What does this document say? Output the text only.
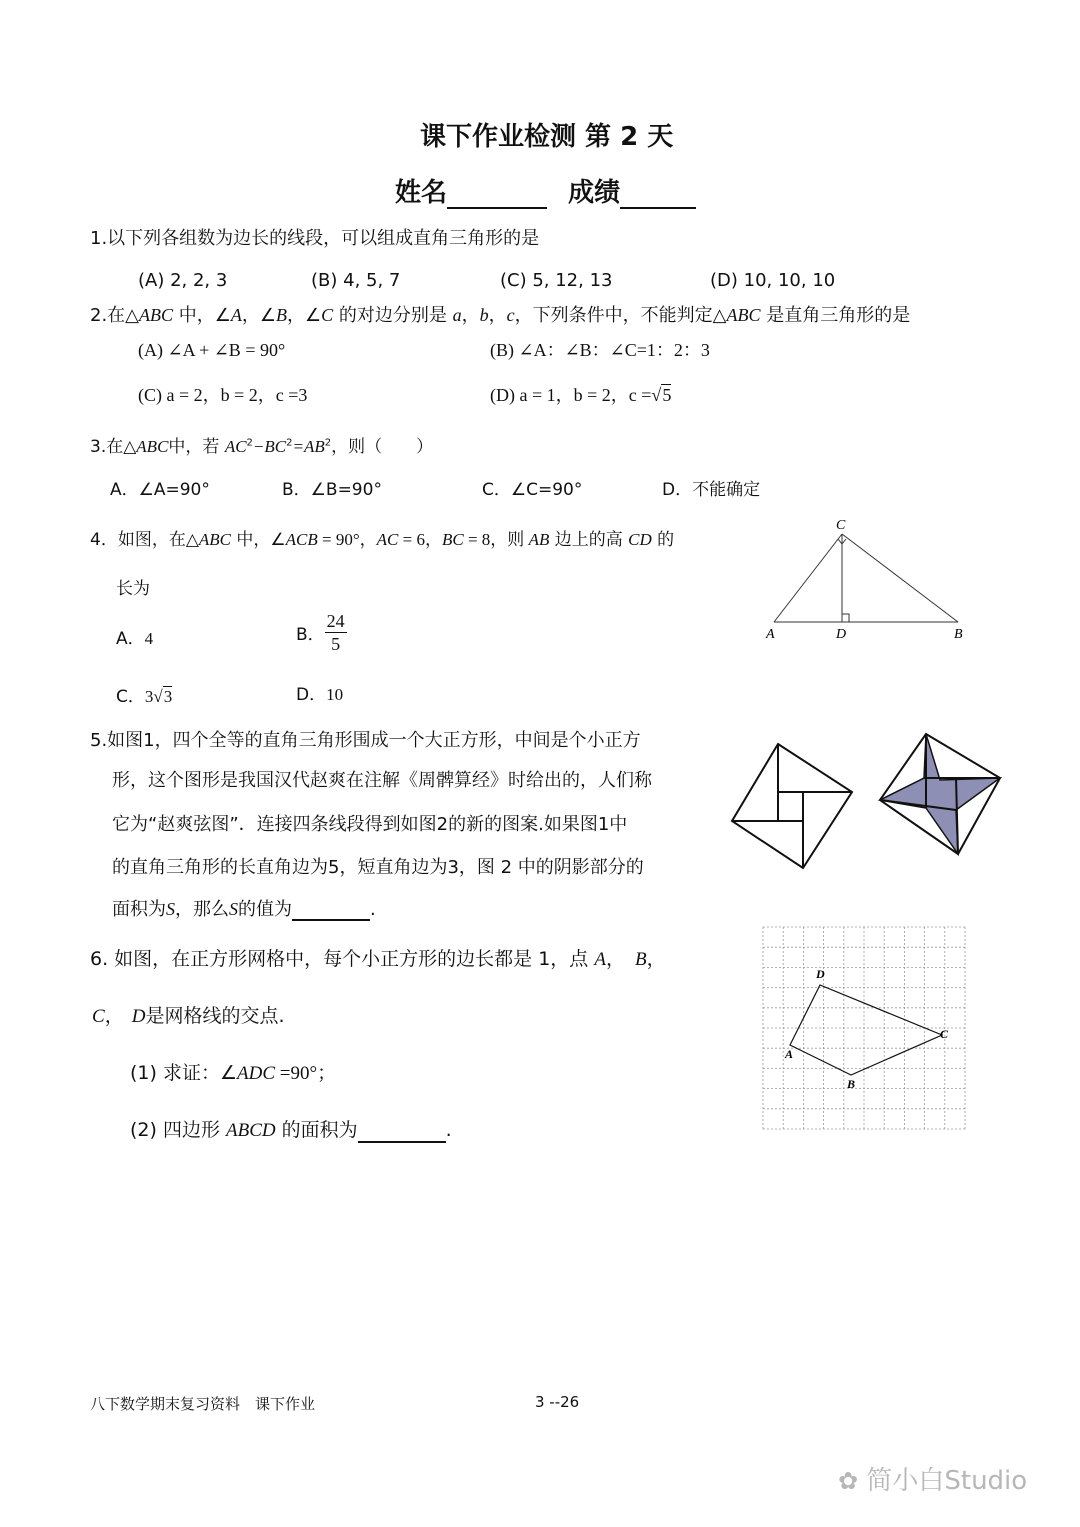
课下作业检测 第 2 天
姓名	成绩
1.以下列各组数为边长的线段，可以组成直角三角形的是
(A) 2, 2, 3	(B) 4, 5, 7	(C) 5, 12, 13	(D) 10, 10, 10
2.在△ABC 中，∠A，∠B，∠C 的对边分别是 a，b，c，下列条件中，不能判定△ABC 是直角三角形的是
(A) ∠A + ∠B = 90°	(B) ∠A：∠B：∠C=1：2：3
(C) a = 2，b = 2，c =3	(D) a = 1，b = 2，c =√5
3.在△ABC中，若 $AC^2-BC^2=AB^2$，则（　　）
A．∠A=90°	B．∠B=90°	C．∠C=90°	D．不能确定
4．如图，在△ABC 中，∠ACB = 90°，AC = 6，BC = 8，则 AB 边上的高 CD 的
长为
A．4	B． $\frac{24}{5}$
C．3√3	D．10
C
A	D	B
5.如图1，四个全等的直角三角形围成一个大正方形，中间是个小正方
形，这个图形是我国汉代赵爽在注解《周髀算经》时给出的，人们称
它为“赵爽弦图”．连接四条线段得到如图2的新的图案.如果图1中
的直角三角形的长直角边为5，短直角边为3，图 2 中的阴影部分的
面积为S，那么S的值为	.
6. 如图，在正方形网格中，每个小正方形的边长都是 1，点 A， B，
C， D是网格线的交点.
(1) 求证：∠ADC =90°；
(2) 四边形 ABCD 的面积为	.
A
B
C
D
八下数学期末复习资料　课下作业	3 --26
✿ 简小白Studio
